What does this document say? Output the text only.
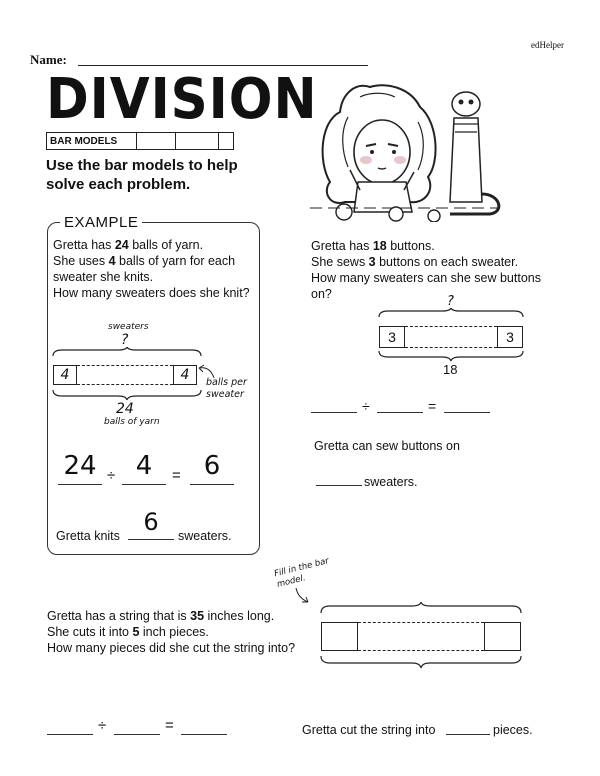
edHelper
Name:
DIVISION
BAR MODELS
Use the bar models to help solve each problem.
EXAMPLE
Gretta has 24 balls of yarn.
She uses 4 balls of yarn for each sweater she knits.
How many sweaters does she knit?
sweaters
?
4	4	balls per sweater
24
balls of yarn
24 ÷ 4	= 6
Gretta knits 6	sweaters.
Gretta has 18 buttons.
She sews 3 buttons on each sweater.
How many sweaters can she sew buttons on?	?
3	3
18
÷	=
Gretta can sew buttons on
sweaters.
Fill in the bar model.
Gretta has a string that is 35 inches long.
She cuts it into 5 inch pieces.
How many pieces did she cut the string into?
÷	=	Gretta cut the string into	pieces.
